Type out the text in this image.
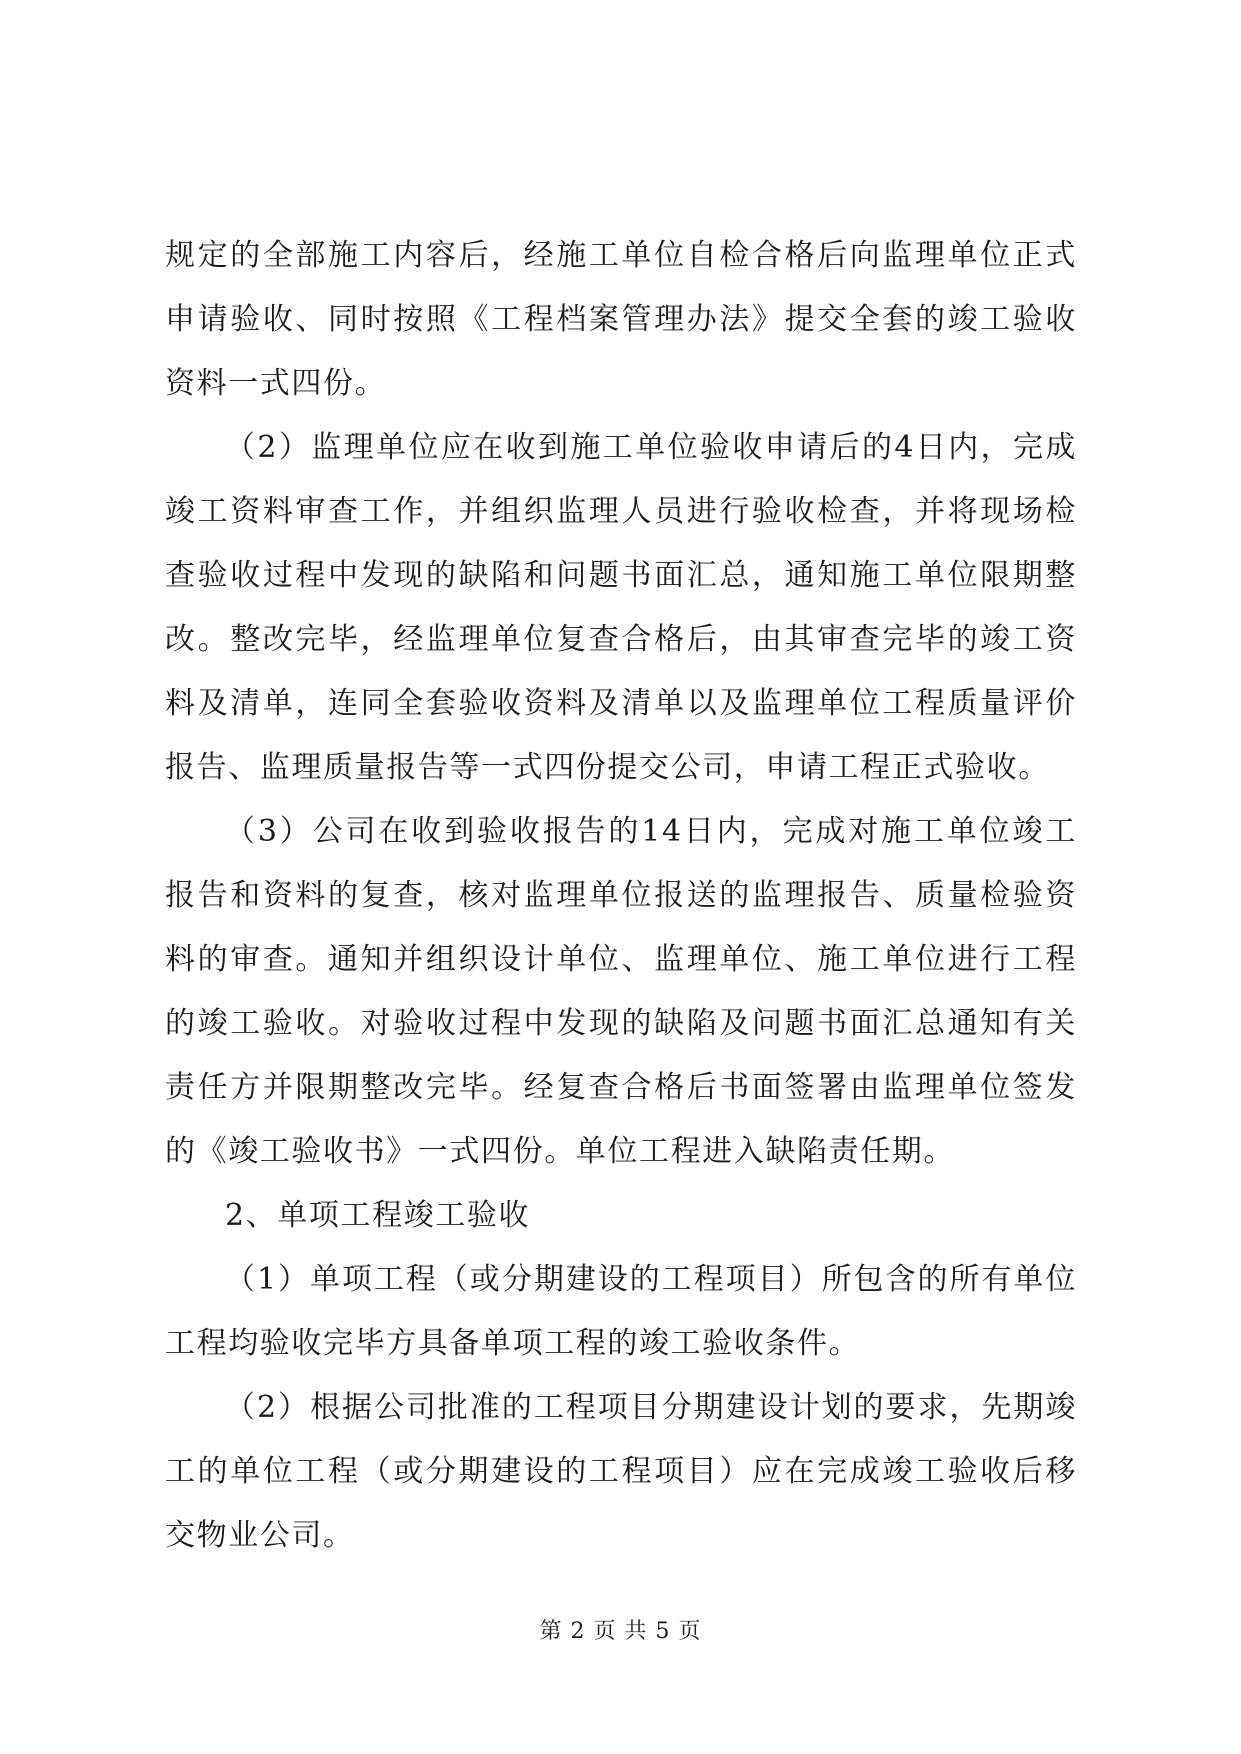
规定的全部施工内容后，经施工单位自检合格后向监理单位正式申请验收、同时按照《工程档案管理办法》提交全套的竣工验收资料一式四份。

（2）监理单位应在收到施工单位验收申请后的4日内，完成竣工资料审查工作，并组织监理人员进行验收检查，并将现场检查验收过程中发现的缺陷和问题书面汇总，通知施工单位限期整改。整改完毕，经监理单位复查合格后，由其审查完毕的竣工资料及清单，连同全套验收资料及清单以及监理单位工程质量评价报告、监理质量报告等一式四份提交公司，申请工程正式验收。

（3）公司在收到验收报告的14日内，完成对施工单位竣工报告和资料的复查，核对监理单位报送的监理报告、质量检验资料的审查。通知并组织设计单位、监理单位、施工单位进行工程的竣工验收。对验收过程中发现的缺陷及问题书面汇总通知有关责任方并限期整改完毕。经复查合格后书面签署由监理单位签发的《竣工验收书》一式四份。单位工程进入缺陷责任期。

2、单项工程竣工验收

（1）单项工程（或分期建设的工程项目）所包含的所有单位工程均验收完毕方具备单项工程的竣工验收条件。

（2）根据公司批准的工程项目分期建设计划的要求，先期竣工的单位工程（或分期建设的工程项目）应在完成竣工验收后移交物业公司。

第 2 页 共 5 页
